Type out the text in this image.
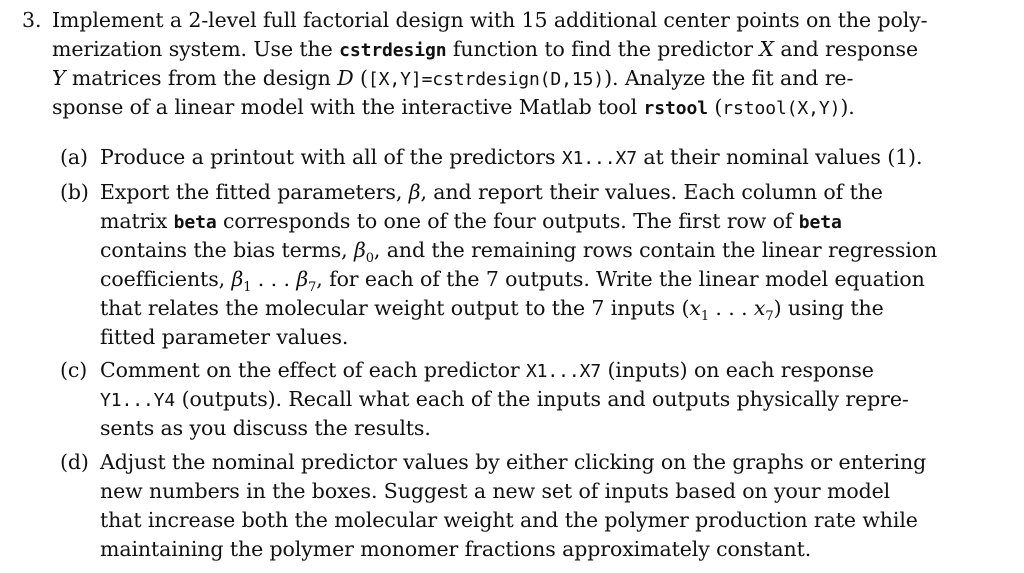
3. Implement a 2-level full factorial design with 15 additional center points on the poly-
merization system. Use the cstrdesign function to find the predictor X and response
Y matrices from the design D ([X,Y]=cstrdesign(D,15)). Analyze the fit and re-
sponse of a linear model with the interactive Matlab tool rstool (rstool(X,Y)).
(a) Produce a printout with all of the predictors X1...X7 at their nominal values (1).
(b) Export the fitted parameters, β, and report their values. Each column of the
matrix beta corresponds to one of the four outputs. The first row of beta
contains the bias terms, $\beta_0$, and the remaining rows contain the linear regression
coefficients, $\beta_1$ . . . $\beta_7$, for each of the 7 outputs. Write the linear model equation
that relates the molecular weight output to the 7 inputs ($x_1$ . . . $x_7$) using the
fitted parameter values.
(c) Comment on the effect of each predictor X1...X7 (inputs) on each response
Y1...Y4 (outputs). Recall what each of the inputs and outputs physically repre-
sents as you discuss the results.
(d) Adjust the nominal predictor values by either clicking on the graphs or entering
new numbers in the boxes. Suggest a new set of inputs based on your model
that increase both the molecular weight and the polymer production rate while
maintaining the polymer monomer fractions approximately constant.
